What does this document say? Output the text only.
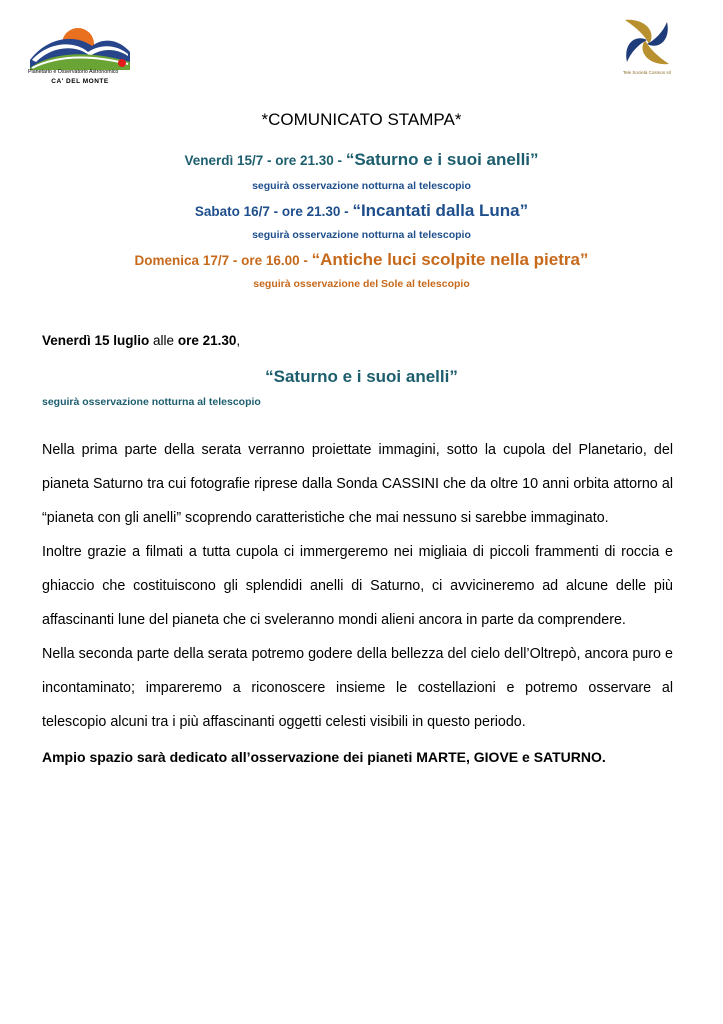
Planetario e Osservatorio Astronomico
CA' DEL MONTE
Tele Società Cosmos srl
*COMUNICATO STAMPA*
Venerdì 15/7 - ore 21.30 - “Saturno e i suoi anelli”
seguirà osservazione notturna al telescopio
Sabato 16/7 - ore 21.30 - “Incantati dalla Luna”
seguirà osservazione notturna al telescopio
Domenica 17/7 - ore 16.00 - “Antiche luci scolpite nella pietra”
seguirà osservazione del Sole al telescopio
Venerdì 15 luglio alle ore 21.30,
“Saturno e i suoi anelli”
seguirà osservazione notturna al telescopio

Nella prima parte della serata verranno proiettate immagini, sotto la cupola del Planetario, del pianeta Saturno tra cui fotografie riprese dalla Sonda CASSINI che da oltre 10 anni orbita attorno al “pianeta con gli anelli” scoprendo caratteristiche che mai nessuno si sarebbe immaginato.

Inoltre grazie a filmati a tutta cupola ci immergeremo nei migliaia di piccoli frammenti di roccia e ghiaccio che costituiscono gli splendidi anelli di Saturno, ci avvicineremo ad alcune delle più affascinanti lune del pianeta che ci sveleranno mondi alieni ancora in parte da comprendere.

Nella seconda parte della serata potremo godere della bellezza del cielo dell’Oltrepò, ancora puro e incontaminato; impareremo a riconoscere insieme le costellazioni e potremo osservare al telescopio alcuni tra i più affascinanti oggetti celesti visibili in questo periodo.

Ampio spazio sarà dedicato all’osservazione dei pianeti MARTE, GIOVE e SATURNO.
